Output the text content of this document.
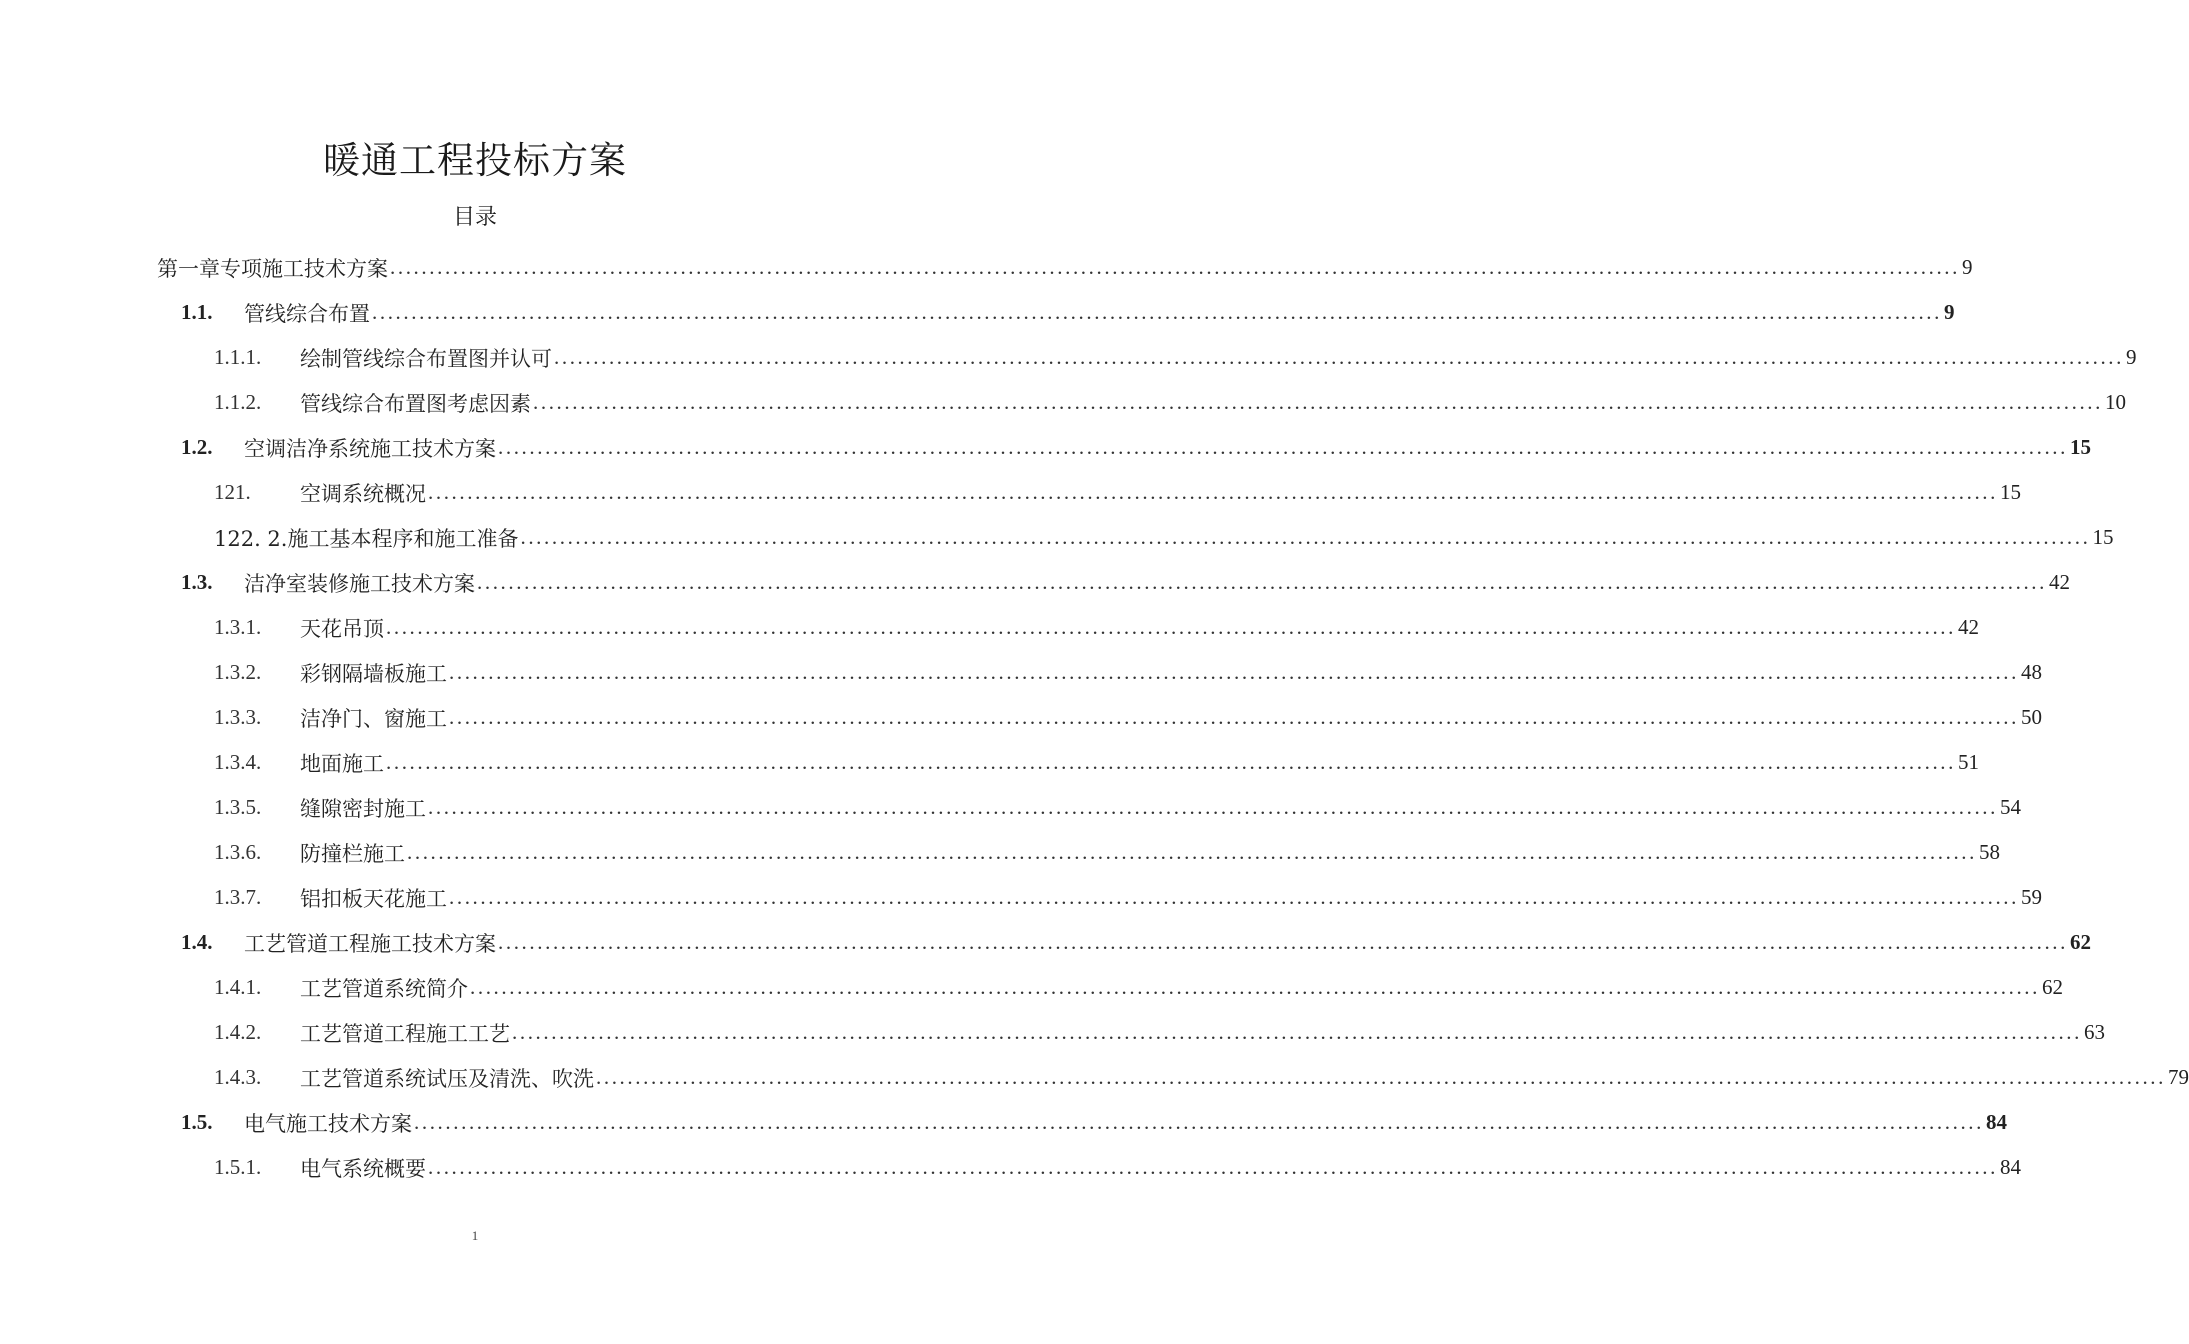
暖通工程投标方案
目录
第一章专项施工技术方案 ........................................................................................................................................................................................................ 9
1.1.	管线综合布置 ........................................................................................................................................................................................................ 9
1.1.1.	绘制管线综合布置图并认可 ........................................................................................................................................................................................................ 9
1.1.2.	管线综合布置图考虑因素 ........................................................................................................................................................................................................ 10
1.2.	空调洁净系统施工技术方案 ........................................................................................................................................................................................................ 15
121.	空调系统概况 ........................................................................................................................................................................................................ 15
122. 2.施工基本程序和施工准备 ........................................................................................................................................................................................................ 15
1.3.	洁净室装修施工技术方案 ........................................................................................................................................................................................................ 42
1.3.1.	天花吊顶 ........................................................................................................................................................................................................ 42
1.3.2.	彩钢隔墙板施工 ........................................................................................................................................................................................................ 48
1.3.3.	洁净门、窗施工 ........................................................................................................................................................................................................ 50
1.3.4.	地面施工 ........................................................................................................................................................................................................ 51
1.3.5.	缝隙密封施工 ........................................................................................................................................................................................................ 54
1.3.6.	防撞栏施工 ........................................................................................................................................................................................................ 58
1.3.7.	铝扣板天花施工 ........................................................................................................................................................................................................ 59
1.4.	工艺管道工程施工技术方案 ........................................................................................................................................................................................................ 62
1.4.1.	工艺管道系统简介 ........................................................................................................................................................................................................ 62
1.4.2.	工艺管道工程施工工艺 ........................................................................................................................................................................................................ 63
1.4.3.	工艺管道系统试压及清洗、吹洗 ........................................................................................................................................................................................................ 79
1.5.	电气施工技术方案 ........................................................................................................................................................................................................ 84
1.5.1.	电气系统概要 ........................................................................................................................................................................................................ 84
1
